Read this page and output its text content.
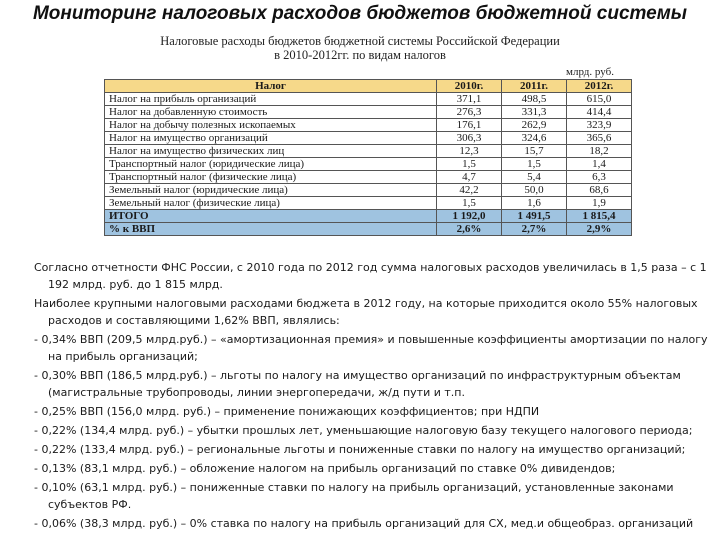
Мониторинг налоговых расходов бюджетов бюджетной системы
Налоговые расходы бюджетов бюджетной системы Российской Федерации
в 2010-2012гг. по видам налогов
млрд. руб.
Налог	2010г.	2011г.	2012г.
Налог на прибыль организаций	371,1	498,5	615,0
Налог на добавленную стоимость	276,3	331,3	414,4
Налог на добычу полезных ископаемых	176,1	262,9	323,9
Налог на имущество организаций	306,3	324,6	365,6
Налог на имущество физических лиц	12,3	15,7	18,2
Транспортный налог (юридические лица)	1,5	1,5	1,4
Транспортный налог (физические лица)	4,7	5,4	6,3
Земельный налог (юридические лица)	42,2	50,0	68,6
Земельный налог (физические лица)	1,5	1,6	1,9
ИТОГО	1 192,0	1 491,5	1 815,4
% к ВВП	2,6%	2,7%	2,9%

Согласно отчетности ФНС России, с 2010 года по 2012 год сумма налоговых расходов увеличилась в 1,5 раза – с 1 192 млрд. руб. до 1 815 млрд.

Наиболее крупными налоговыми расходами бюджета в 2012 году, на которые приходится около 55% налоговых расходов и составляющими 1,62% ВВП, являлись:

- 0,34% ВВП (209,5 млрд.руб.) – «амортизационная премия» и повышенные коэффициенты амортизации по налогу на прибыль организаций;

- 0,30% ВВП (186,5 млрд.руб.) – льготы по налогу на имущество организаций по инфраструктурным объектам (магистральные трубопроводы, линии энергопередачи, ж/д пути и т.п.

- 0,25% ВВП (156,0 млрд. руб.) – применение понижающих коэффициентов; при НДПИ

- 0,22% (134,4 млрд. руб.) – убытки прошлых лет, уменьшающие налоговую базу текущего налогового периода;

- 0,22% (133,4 млрд. руб.) – региональные льготы и пониженные ставки по налогу на имущество организаций;

- 0,13% (83,1 млрд. руб.) – обложение налогом на прибыль организаций по ставке 0% дивидендов;

- 0,10% (63,1 млрд. руб.) – пониженные ставки по налогу на прибыль организаций, установленные законами субъектов РФ.

- 0,06% (38,3 млрд. руб.) – 0% ставка по налогу на прибыль организаций для СХ, мед.и общеобраз. организаций
